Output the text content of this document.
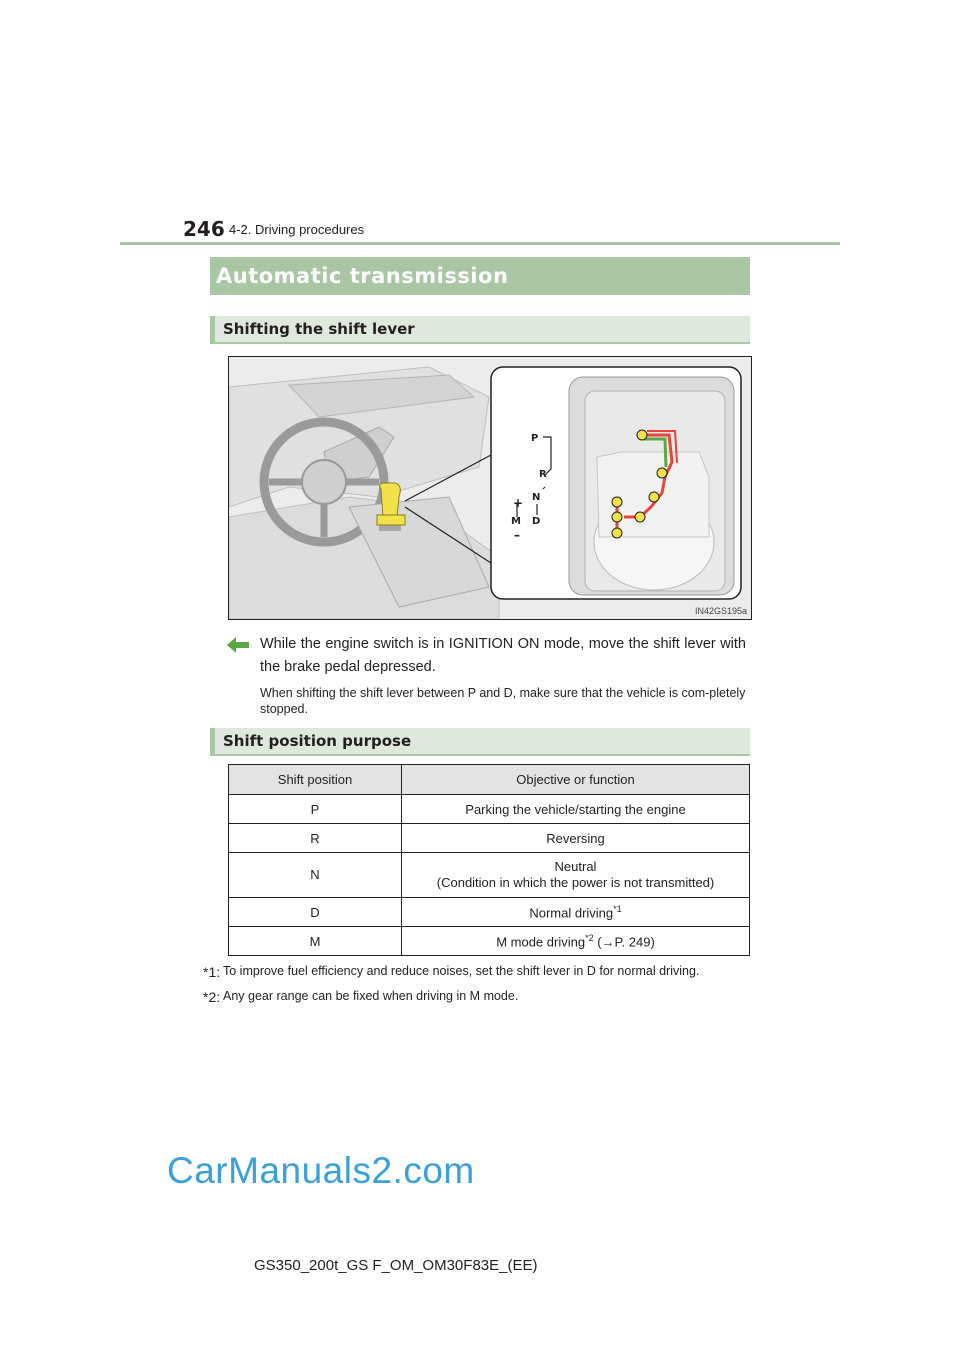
246 4-2. Driving procedures
Automatic transmission
Shifting the shift lever
P
R
N
D
M
+
–
IN42GS195a
While the engine switch is in IGNITION ON mode, move the shift lever with the brake pedal depressed.
When shifting the shift lever between P and D, make sure that the vehicle is com-pletely stopped.
Shift position purpose
Shift position	Objective or function
P	Parking the vehicle/starting the engine
R	Reversing
N	Neutral
(Condition in which the power is not transmitted)
D	Normal driving$^{*1}$
M	M mode driving$^{*2}$ (→P. 249)
*1: To improve fuel efficiency and reduce noises, set the shift lever in D for normal driving.
*2: Any gear range can be fixed when driving in M mode.
CarManuals2.com
GS350_200t_GS F_OM_OM30F83E_(EE)
